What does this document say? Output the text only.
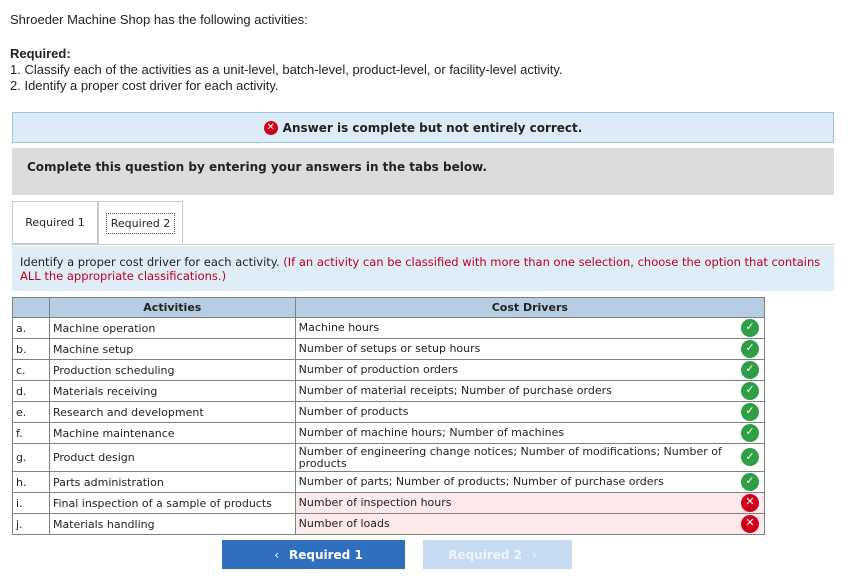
Shroeder Machine Shop has the following activities:
Required:
1. Classify each of the activities as a unit-level, batch-level, product-level, or facility-level activity.
2. Identify a proper cost driver for each activity.
✕ Answer is complete but not entirely correct.
Complete this question by entering your answers in the tabs below.
Required 1	Required 2
Identify a proper cost driver for each activity. (If an activity can be classified with more than one selection, choose the option that contains ALL the appropriate classifications.)
	Activities	Cost Drivers
a.	Machine operation	Machine hours
b.	Machine setup	Number of setups or setup hours
c.	Production scheduling	Number of production orders
d.	Materials receiving	Number of material receipts; Number of purchase orders
e.	Research and development	Number of products
f.	Machine maintenance	Number of machine hours; Number of machines
g.	Product design	Number of engineering change notices; Number of modifications; Number of products
h.	Parts administration	Number of parts; Number of products; Number of purchase orders
i.	Final inspection of a sample of products	Number of inspection hours
j.	Materials handling	Number of loads
‹ Required 1	Required 2 ›
✓
✓
✓
✓
✓
✓
✓
✓
✕
✕
